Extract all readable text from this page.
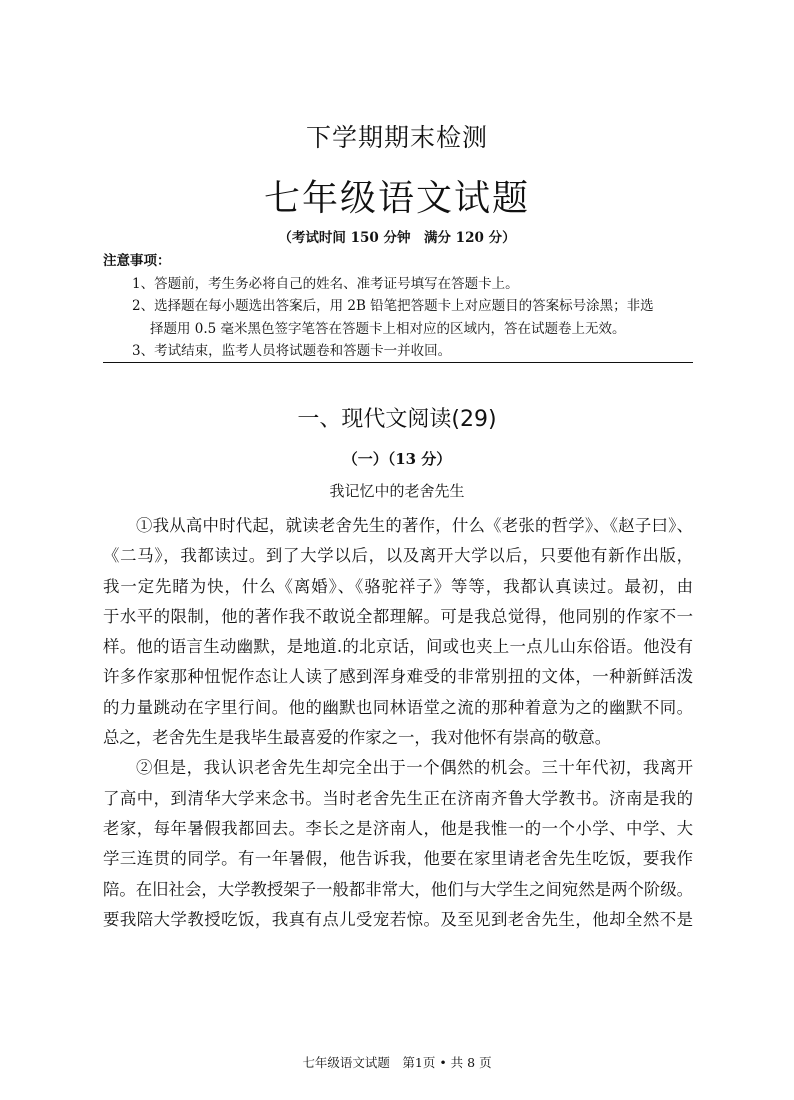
下学期期末检测
七年级语文试题
（考试时间 150 分钟　满分 120 分）
注意事项：
1、答题前，考生务必将自己的姓名、准考证号填写在答题卡上。
2、选择题在每小题选出答案后，用 2B 铅笔把答题卡上对应题目的答案标号涂黑；非选
择题用 0.5 毫米黑色签字笔答在答题卡上相对应的区域内，答在试题卷上无效。
3、考试结束，监考人员将试题卷和答题卡一并收回。
一、现代文阅读(29)
（一）（13 分）
我记忆中的老舍先生
①我从高中时代起，就读老舍先生的著作，什么《老张的哲学》、《赵子曰》、
《二马》，我都读过。到了大学以后，以及离开大学以后，只要他有新作出版，
我一定先睹为快，什么《离婚》、《骆驼祥子》等等，我都认真读过。最初，由
于水平的限制，他的著作我不敢说全都理解。可是我总觉得，他同别的作家不一
样。他的语言生动幽默，是地道.的北京话，间或也夹上一点儿山东俗语。他没有
许多作家那种忸怩作态让人读了感到浑身难受的非常别扭的文体，一种新鲜活泼
的力量跳动在字里行间。他的幽默也同林语堂之流的那种着意为之的幽默不同。
总之，老舍先生是我毕生最喜爱的作家之一，我对他怀有崇高的敬意。
②但是，我认识老舍先生却完全出于一个偶然的机会。三十年代初，我离开
了高中，到清华大学来念书。当时老舍先生正在济南齐鲁大学教书。济南是我的
老家，每年暑假我都回去。李长之是济南人，他是我惟一的一个小学、中学、大
学三连贯的同学。有一年暑假，他告诉我，他要在家里请老舍先生吃饭，要我作
陪。在旧社会，大学教授架子一般都非常大，他们与大学生之间宛然是两个阶级。
要我陪大学教授吃饭，我真有点儿受宠若惊。及至见到老舍先生，他却全然不是
七年级语文试题　第1页 • 共 8 页
